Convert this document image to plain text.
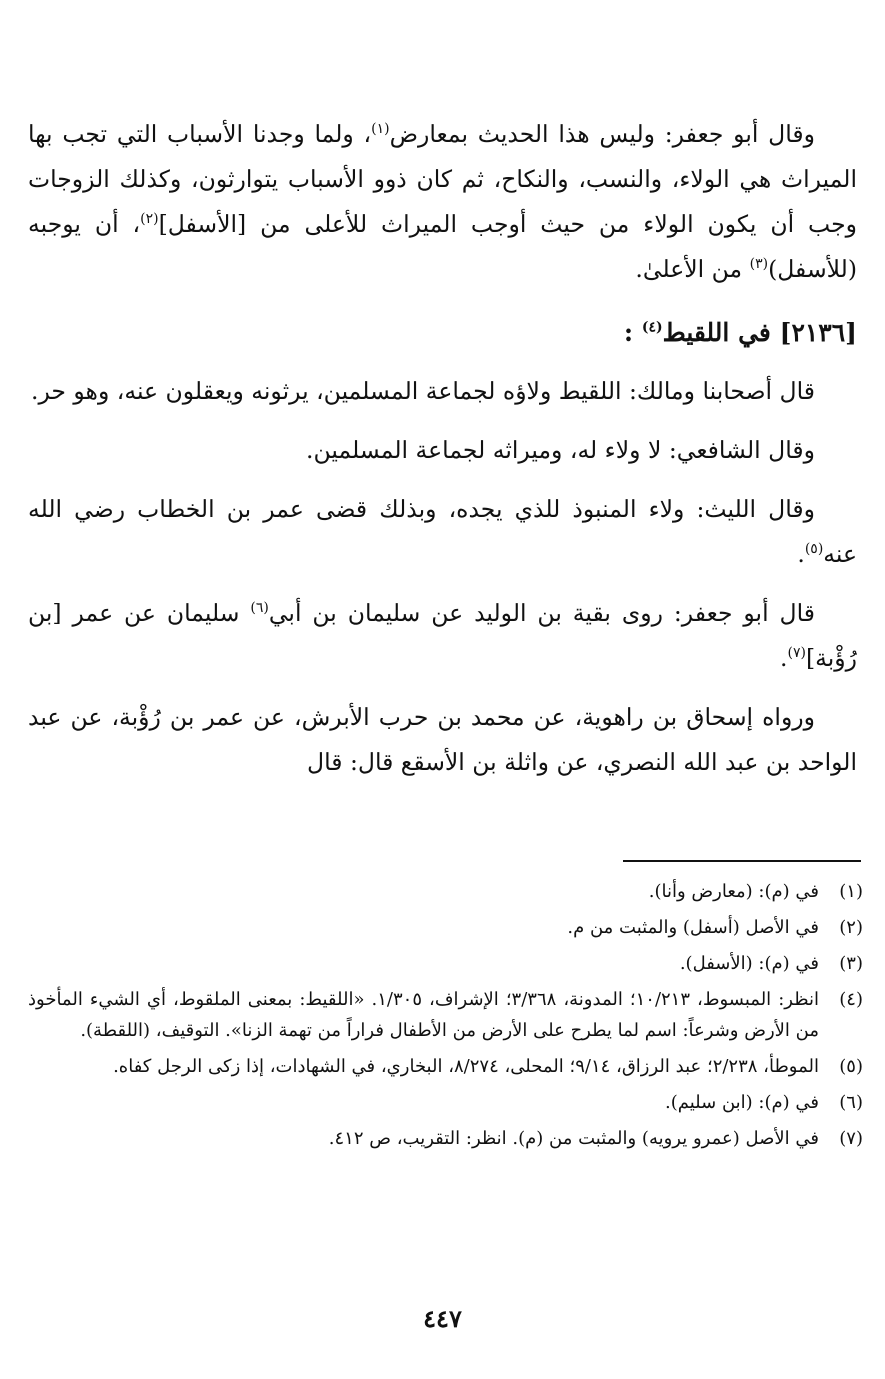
وقال أبو جعفر: وليس هذا الحديث بمعارض$^{(١)}$، ولما وجدنا الأسباب التي تجب بها الميراث هي الولاء، والنسب، والنكاح، ثم كان ذوو الأسباب يتوارثون، وكذلك الزوجات وجب أن يكون الولاء من حيث أوجب الميراث للأعلى من [الأسفل]$^{(٢)}$، أن يوجبه (للأسفل)$^{(٣)}$ من الأعلىٰ.

[٢١٣٦] في اللقيط$^{(٤)}$ :

قال أصحابنا ومالك: اللقيط ولاؤه لجماعة المسلمين، يرثونه ويعقلون عنه، وهو حر.

وقال الشافعي: لا ولاء له، وميراثه لجماعة المسلمين.

وقال الليث: ولاء المنبوذ للذي يجده، وبذلك قضى عمر بن الخطاب رضي الله عنه$^{(٥)}$.

قال أبو جعفر: روى بقية بن الوليد عن سليمان بن أبي$^{(٦)}$ سليمان عن عمر [بن رُؤْبة]$^{(٧)}$.

ورواه إسحاق بن راهوية، عن محمد بن حرب الأبرش، عن عمر بن رُؤْبة، عن عبد الواحد بن عبد الله النصري، عن واثلة بن الأسقع قال: قال

(١)
في (م): (معارض وأنا).
(٢)
في الأصل (أسفل) والمثبت من م.
(٣)
في (م): (الأسفل).
(٤)
انظر: المبسوط، ١٠/٢١٣؛ المدونة، ٣/٣٦٨؛ الإشراف، ١/٣٠٥. «اللقيط: بمعنى الملقوط، أي الشيء المأخوذ من الأرض وشرعاً: اسم لما يطرح على الأرض من الأطفال فراراً من تهمة الزنا». التوقيف، (اللقطة).
(٥)
الموطأ، ٢/٢٣٨؛ عبد الرزاق، ٩/١٤؛ المحلى، ٨/٢٧٤، البخاري، في الشهادات، إذا زكى الرجل كفاه.
(٦)
في (م): (ابن سليم).
(٧)
في الأصل (عمرو يرويه) والمثبت من (م). انظر: التقريب، ص ٤١٢.
٤٤٧
